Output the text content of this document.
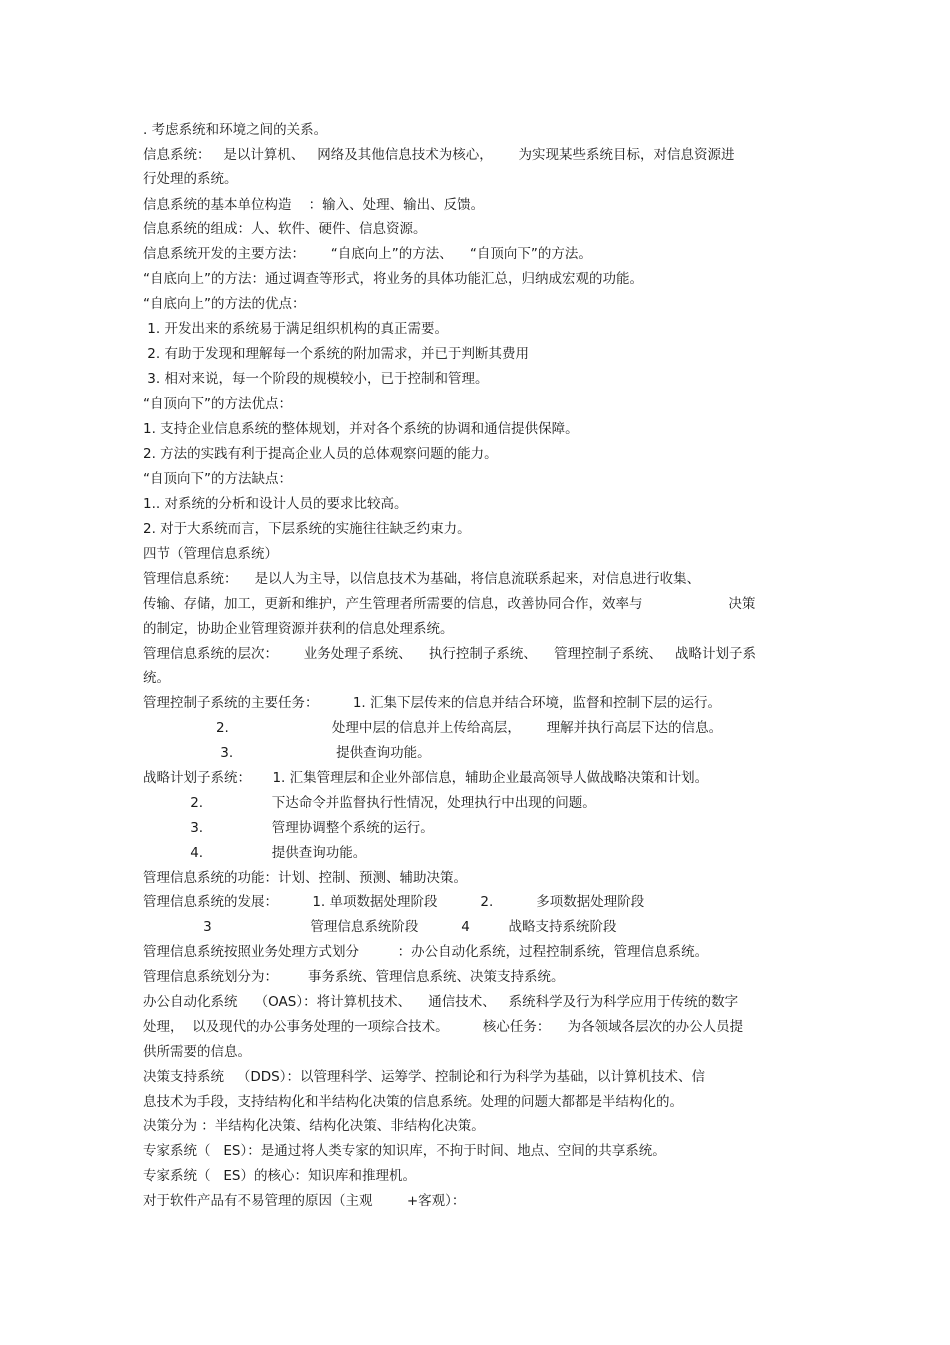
. 考虑系统和环境之间的关系。
信息系统：   是以计算机、   网络及其他信息技术为核心，      为实现某些系统目标，对信息资源进
行处理的系统。
信息系统的基本单位构造    ：输入、处理、输出、反馈。
信息系统的组成：人、软件、硬件、信息资源。
信息系统开发的主要方法：      “自底向上”的方法、    “自顶向下”的方法。
“自底向上”的方法：通过调查等形式，将业务的具体功能汇总，归纳成宏观的功能。
“自底向上”的方法的优点：
1. 开发出来的系统易于满足组织机构的真正需要。
2. 有助于发现和理解每一个系统的附加需求，并已于判断其费用
3. 相对来说，每一个阶段的规模较小，已于控制和管理。
“自顶向下”的方法优点：
1. 支持企业信息系统的整体规划，并对各个系统的协调和通信提供保障。
2. 方法的实践有利于提高企业人员的总体观察问题的能力。
“自顶向下”的方法缺点：
1.. 对系统的分析和设计人员的要求比较高。
2. 对于大系统而言，下层系统的实施往往缺乏约束力。
四节（管理信息系统）
管理信息系统：    是以人为主导，以信息技术为基础，将信息流联系起来，对信息进行收集、
传输、存储，加工，更新和维护，产生管理者所需要的信息，改善协同合作，效率与                    决策
的制定，协助企业管理资源并获利的信息处理系统。
管理信息系统的层次：      业务处理子系统、    执行控制子系统、    管理控制子系统、   战略计划子系
统。
管理控制子系统的主要任务：        1. 汇集下层传来的信息并结合环境，监督和控制下层的运行。
2.                        处理中层的信息并上传给高层，      理解并执行高层下达的信息。
3.                        提供查询功能。
战略计划子系统：     1. 汇集管理层和企业外部信息，辅助企业最高领导人做战略决策和计划。
2.                下达命令并监督执行性情况，处理执行中出现的问题。
3.                管理协调整个系统的运行。
4.                提供查询功能。
管理信息系统的功能：计划、控制、预测、辅助决策。
管理信息系统的发展：        1. 单项数据处理阶段          2.          多项数据处理阶段
3                       管理信息系统阶段          4         战略支持系统阶段
管理信息系统按照业务处理方式划分         ：办公自动化系统，过程控制系统，管理信息系统。
管理信息系统划分为：       事务系统、管理信息系统、决策支持系统。
办公自动化系统    （OAS）：将计算机技术、    通信技术、   系统科学及行为科学应用于传统的数字
处理，  以及现代的办公事务处理的一项综合技术。        核心任务：    为各领域各层次的办公人员提
供所需要的信息。
决策支持系统   （DDS）：以管理科学、运筹学、控制论和行为科学为基础，以计算机技术、信
息技术为手段，支持结构化和半结构化决策的信息系统。处理的问题大都都是半结构化的。
决策分为 ：半结构化决策、结构化决策、非结构化决策。
专家系统（   ES）：是通过将人类专家的知识库，不拘于时间、地点、空间的共享系统。
专家系统（   ES）的核心：知识库和推理机。
对于软件产品有不易管理的原因（主观        +客观）：
